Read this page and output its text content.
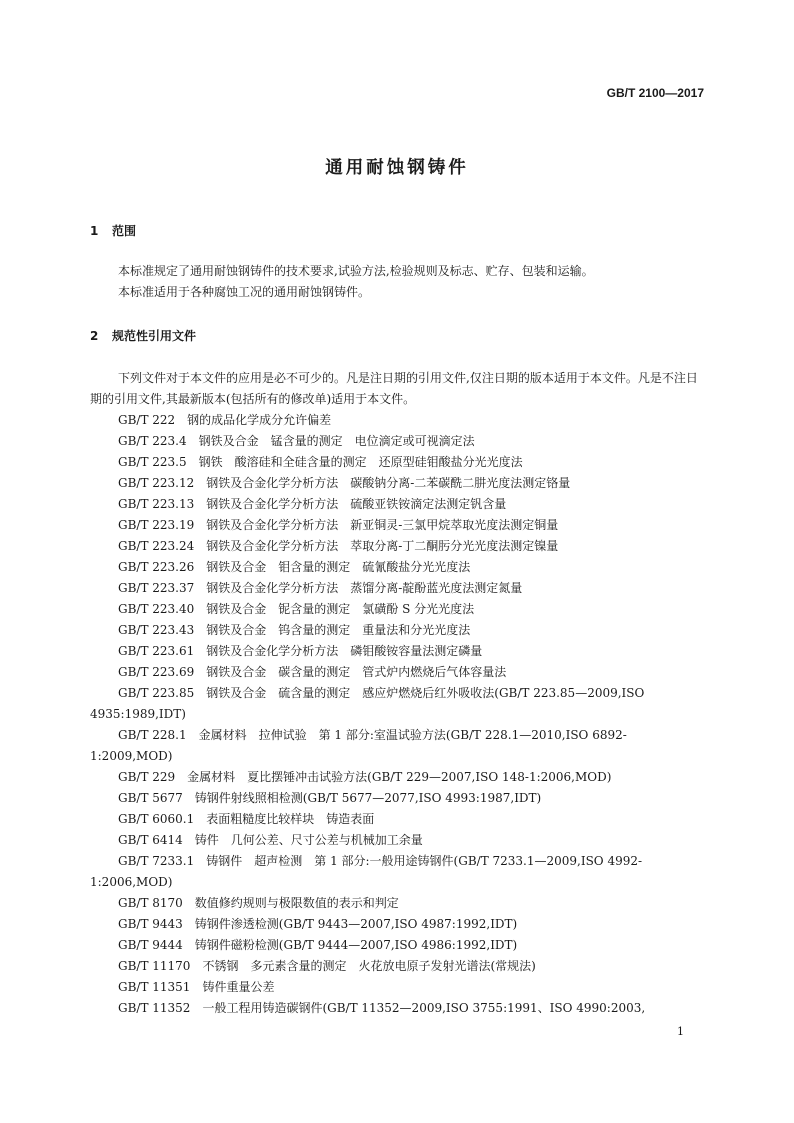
GB/T 2100—2017
通用耐蚀钢铸件
1 范围

本标准规定了通用耐蚀钢铸件的技术要求,试验方法,检验规则及标志、贮存、包装和运输。

本标准适用于各种腐蚀工况的通用耐蚀钢铸件。

2 规范性引用文件

下列文件对于本文件的应用是必不可少的。凡是注日期的引用文件,仅注日期的版本适用于本文件。凡是不注日期的引用文件,其最新版本(包括所有的修改单)适用于本文件。

GB/T 222　钢的成品化学成分允许偏差
GB/T 223.4　钢铁及合金　锰含量的测定　电位滴定或可视滴定法
GB/T 223.5　钢铁　酸溶硅和全硅含量的测定　还原型硅钼酸盐分光光度法
GB/T 223.12　钢铁及合金化学分析方法　碳酸钠分离-二苯碳酰二肼光度法测定铬量
GB/T 223.13　钢铁及合金化学分析方法　硫酸亚铁铵滴定法测定钒含量
GB/T 223.19　钢铁及合金化学分析方法　新亚铜灵-三氯甲烷萃取光度法测定铜量
GB/T 223.24　钢铁及合金化学分析方法　萃取分离-丁二酮肟分光光度法测定镍量
GB/T 223.26　钢铁及合金　钼含量的测定　硫氰酸盐分光光度法
GB/T 223.37　钢铁及合金化学分析方法　蒸馏分离-靛酚蓝光度法测定氮量
GB/T 223.40　钢铁及合金　铌含量的测定　氯磺酚 S 分光光度法
GB/T 223.43　钢铁及合金　钨含量的测定　重量法和分光光度法
GB/T 223.61　钢铁及合金化学分析方法　磷钼酸铵容量法测定磷量
GB/T 223.69　钢铁及合金　碳含量的测定　管式炉内燃烧后气体容量法
GB/T 223.85　钢铁及合金　硫含量的测定　感应炉燃烧后红外吸收法(GB/T 223.85—2009,ISO 4935:1989,IDT)
GB/T 228.1　金属材料　拉伸试验　第 1 部分:室温试验方法(GB/T 228.1—2010,ISO 6892-1:2009,MOD)
GB/T 229　金属材料　夏比摆锤冲击试验方法(GB/T 229—2007,ISO 148-1:2006,MOD)
GB/T 5677　铸钢件射线照相检测(GB/T 5677—2077,ISO 4993:1987,IDT)
GB/T 6060.1　表面粗糙度比较样块　铸造表面
GB/T 6414　铸件　几何公差、尺寸公差与机械加工余量
GB/T 7233.1　铸钢件　超声检测　第 1 部分:一般用途铸钢件(GB/T 7233.1—2009,ISO 4992-1:2006,MOD)
GB/T 8170　数值修约规则与极限数值的表示和判定
GB/T 9443　铸钢件渗透检测(GB/T 9443—2007,ISO 4987:1992,IDT)
GB/T 9444　铸钢件磁粉检测(GB/T 9444—2007,ISO 4986:1992,IDT)
GB/T 11170　不锈钢　多元素含量的测定　火花放电原子发射光谱法(常规法)
GB/T 11351　铸件重量公差
GB/T 11352　一般工程用铸造碳钢件(GB/T 11352—2009,ISO 3755:1991、ISO 4990:2003,
1
